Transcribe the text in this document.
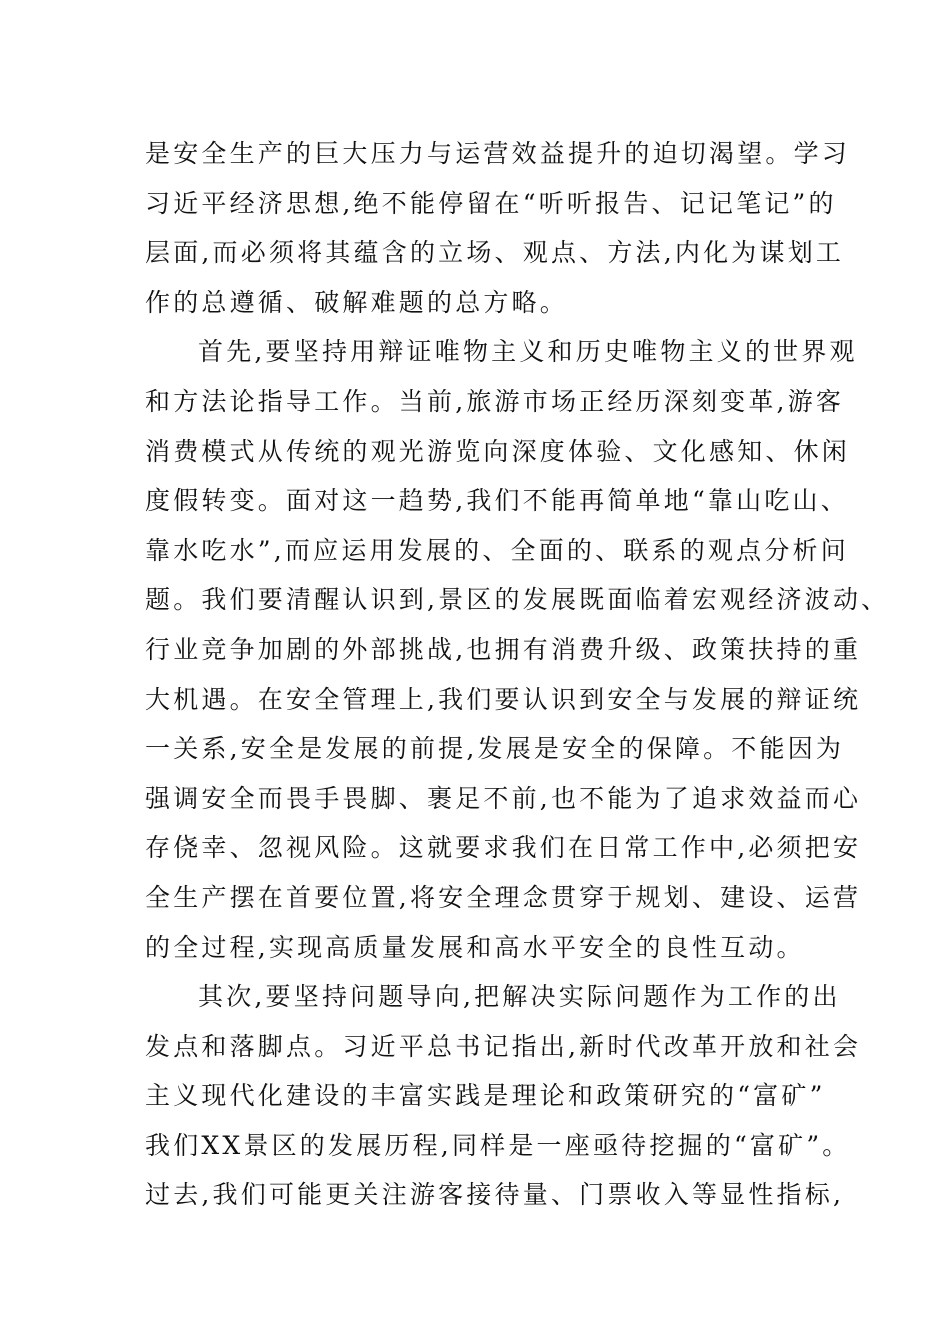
是安全生产的巨大压力与运营效益提升的迫切渴望。学习
习近平经济思想,绝不能停留在“听听报告、记记笔记”的
层面,而必须将其蕴含的立场、观点、方法,内化为谋划工
作的总遵循、破解难题的总方略。
首先,要坚持用辩证唯物主义和历史唯物主义的世界观
和方法论指导工作。当前,旅游市场正经历深刻变革,游客
消费模式从传统的观光游览向深度体验、文化感知、休闲
度假转变。面对这一趋势,我们不能再简单地“靠山吃山、
靠水吃水”,而应运用发展的、全面的、联系的观点分析问
题。我们要清醒认识到,景区的发展既面临着宏观经济波动、
行业竞争加剧的外部挑战,也拥有消费升级、政策扶持的重
大机遇。在安全管理上,我们要认识到安全与发展的辩证统
一关系,安全是发展的前提,发展是安全的保障。不能因为
强调安全而畏手畏脚、裹足不前,也不能为了追求效益而心
存侥幸、忽视风险。这就要求我们在日常工作中,必须把安
全生产摆在首要位置,将安全理念贯穿于规划、建设、运营
的全过程,实现高质量发展和高水平安全的良性互动。
其次,要坚持问题导向,把解决实际问题作为工作的出
发点和落脚点。习近平总书记指出,新时代改革开放和社会
主义现代化建设的丰富实践是理论和政策研究的“富矿”
我们XX景区的发展历程,同样是一座亟待挖掘的“富矿”。
过去,我们可能更关注游客接待量、门票收入等显性指标,
